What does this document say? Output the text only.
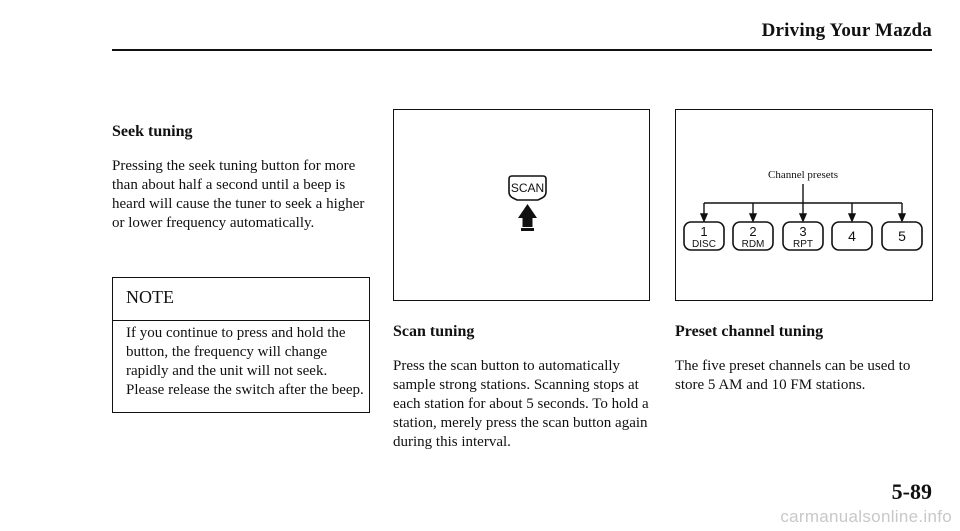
Driving Your Mazda
Seek tuning
Pressing the seek tuning button for more than about half a second until a beep is heard will cause the tuner to seek a higher or lower frequency automatically.
NOTE
If you continue to press and hold the button, the frequency will change rapidly and the unit will not seek. Please release the switch after the beep.
SCAN
Channel presets
1
DISC
2
RDM
3
RPT
4	5
Scan tuning
Press the scan button to automatically sample strong stations. Scanning stops at each station for about 5 seconds. To hold a station, merely press the scan button again during this interval.
Preset channel tuning
The five preset channels can be used to store 5 AM and 10 FM stations.
5-89
carmanualsonline.info
